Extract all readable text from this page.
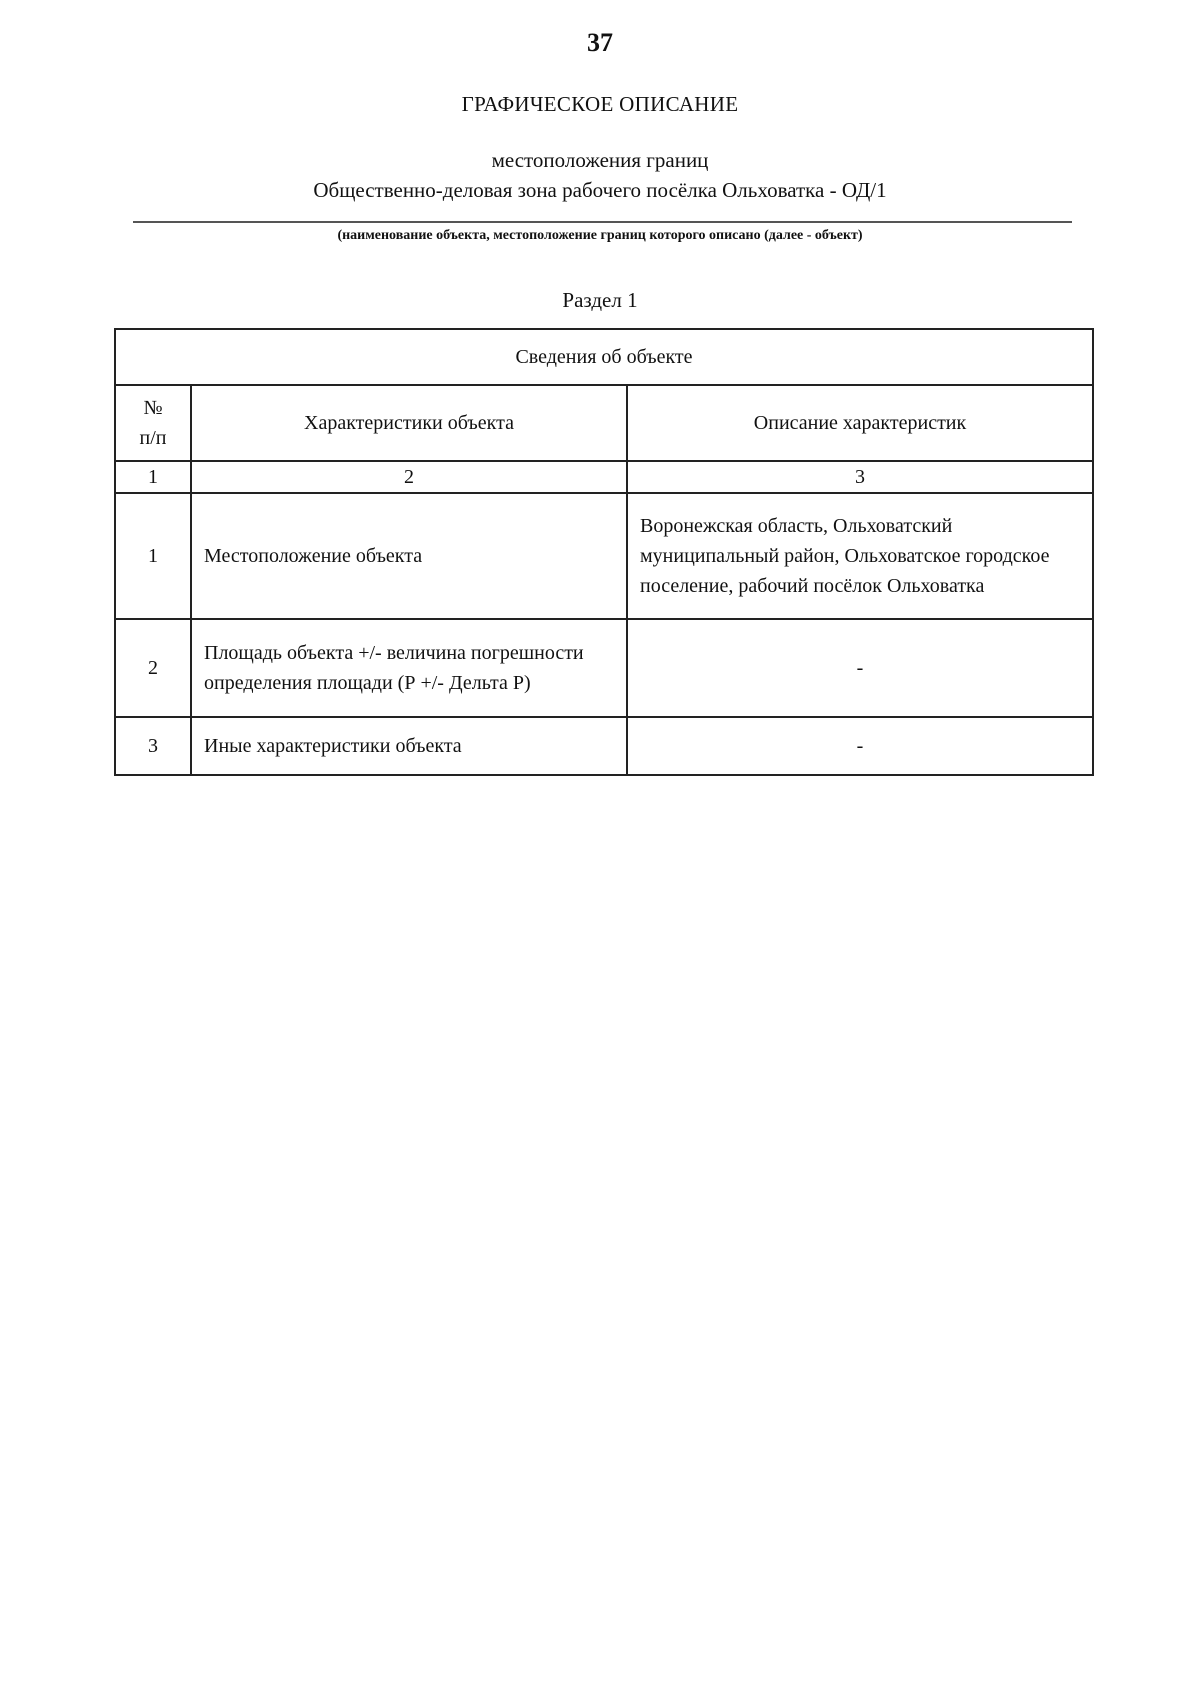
37
ГРАФИЧЕСКОЕ ОПИСАНИЕ
местоположения границ
Общественно-деловая зона рабочего посёлка Ольховатка - ОД/1
(наименование объекта, местоположение границ которого описано (далее - объект)
Раздел 1
Сведения об объекте		
№
п/п	Характеристики объекта	Описание характеристик
1	2	3
1	Местоположение объекта	Воронежская область, Ольховатский муниципальный район, Ольховатское городское поселение, рабочий посёлок Ольховатка
2	Площадь объекта +/- величина погрешности определения площади (Р +/- Дельта Р)	-
3	Иные характеристики объекта	-
